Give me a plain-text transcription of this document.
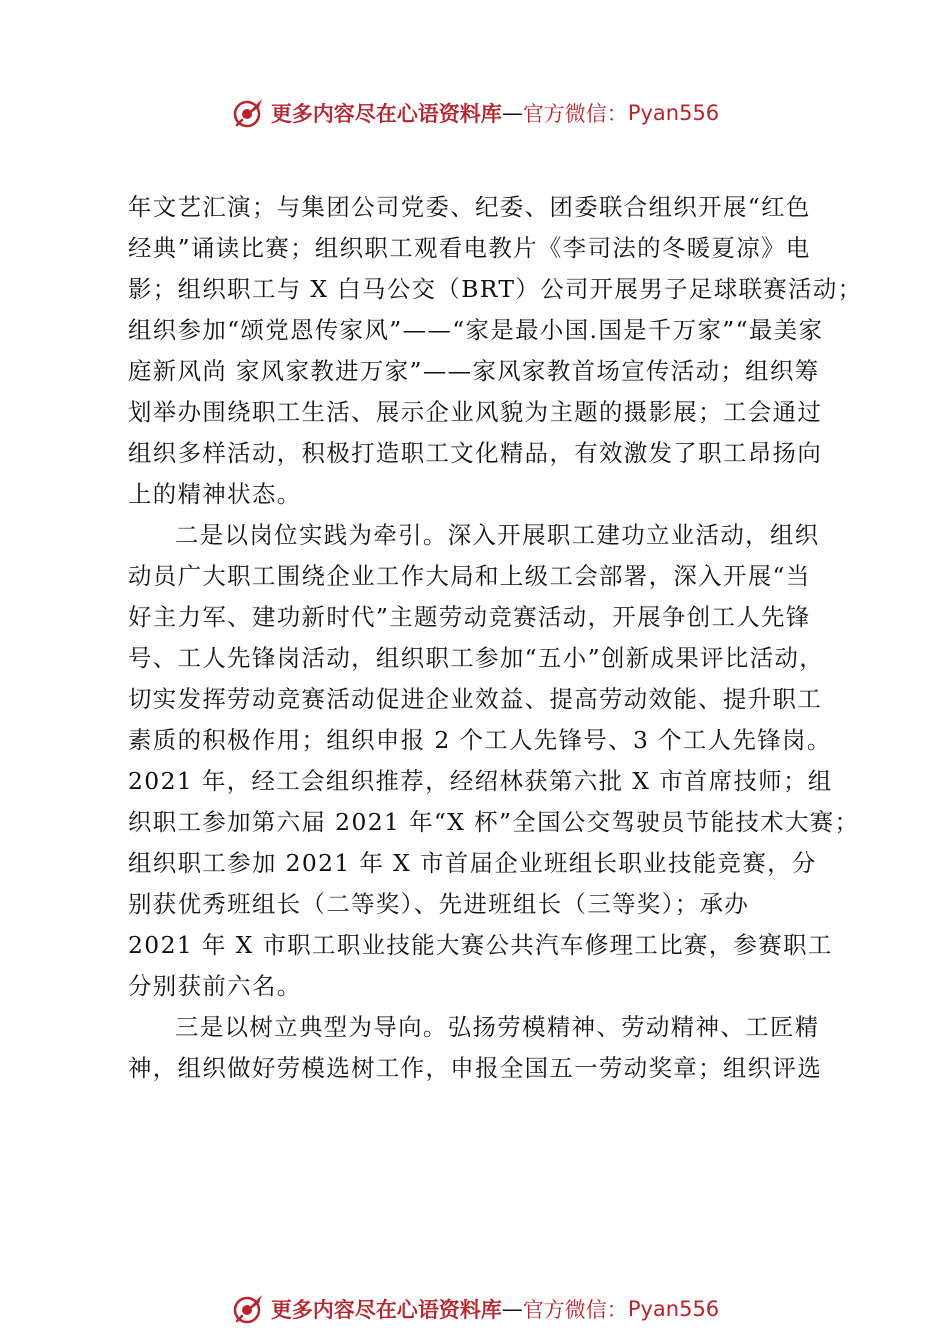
更多内容尽在心语资料库 — 官方微信： Pyan556

年文艺汇演；与集团公司党委、纪委、团委联合组织开展“红色

经典”诵读比赛；组织职工观看电教片《李司法的冬暖夏凉》电

影；组织职工与 X 白马公交（BRT）公司开展男子足球联赛活动；

组织参加“颂党恩传家风”——“家是最小国.国是千万家”“最美家

庭新风尚 家风家教进万家”——家风家教首场宣传活动；组织筹

划举办围绕职工生活、展示企业风貌为主题的摄影展；工会通过

组织多样活动，积极打造职工文化精品，有效激发了职工昂扬向

上的精神状态。

二是以岗位实践为牵引。深入开展职工建功立业活动，组织

动员广大职工围绕企业工作大局和上级工会部署，深入开展“当

好主力军、建功新时代”主题劳动竞赛活动，开展争创工人先锋

号、工人先锋岗活动，组织职工参加“五小”创新成果评比活动，

切实发挥劳动竞赛活动促进企业效益、提高劳动效能、提升职工

素质的积极作用；组织申报 2 个工人先锋号、3 个工人先锋岗。

2021 年，经工会组织推荐，经绍林获第六批 X 市首席技师；组

织职工参加第六届 2021 年“X 杯”全国公交驾驶员节能技术大赛；

组织职工参加 2021 年 X 市首届企业班组长职业技能竞赛，分

别获优秀班组长（二等奖）、先进班组长（三等奖）；承办

2021 年 X 市职工职业技能大赛公共汽车修理工比赛，参赛职工

分别获前六名。

三是以树立典型为导向。弘扬劳模精神、劳动精神、工匠精

神，组织做好劳模选树工作，申报全国五一劳动奖章；组织评选

更多内容尽在心语资料库 — 官方微信： Pyan556
